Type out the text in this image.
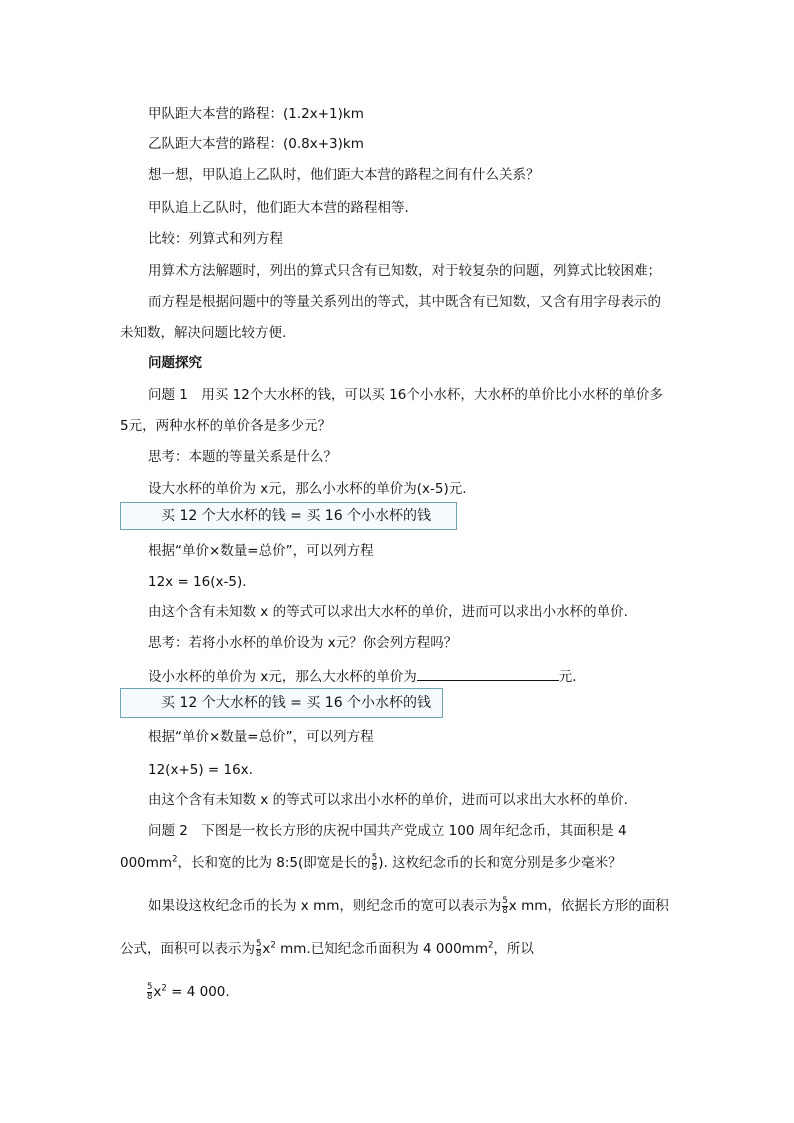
甲队距大本营的路程：(1.2x+1)km
乙队距大本营的路程：(0.8x+3)km
想一想，甲队追上乙队时，他们距大本营的路程之间有什么关系？
甲队追上乙队时，他们距大本营的路程相等.
比较：列算式和列方程
用算术方法解题时，列出的算式只含有已知数，对于较复杂的问题，列算式比较困难；
而方程是根据问题中的等量关系列出的等式，其中既含有已知数，又含有用字母表示的
未知数，解决问题比较方便.
问题探究
问题 1　用买 12个大水杯的钱，可以买 16个小水杯，大水杯的单价比小水杯的单价多
5元，两种水杯的单价各是多少元？
思考：本题的等量关系是什么？
设大水杯的单价为 x元，那么小水杯的单价为(x-5)元.
买 12 个大水杯的钱 = 买 16 个小水杯的钱
根据“单价×数量=总价”，可以列方程
12x = 16(x-5).
由这个含有未知数 x 的等式可以求出大水杯的单价，进而可以求出小水杯的单价.
思考：若将小水杯的单价设为 x元？你会列方程吗？
设小水杯的单价为 x元，那么大水杯的单价为	元.
买 12 个大水杯的钱 = 买 16 个小水杯的钱
根据“单价×数量=总价”，可以列方程
12(x+5) = 16x.
由这个含有未知数 x 的等式可以求出小水杯的单价，进而可以求出大水杯的单价.
问题 2　下图是一枚长方形的庆祝中国共产党成立 100 周年纪念币，其面积是 4
$000mm^2$，长和宽的比为 8:5(即宽是长的 $\frac{5}{8}$ ). 这枚纪念币的长和宽分别是多少毫米？
如果设这枚纪念币的长为 x mm，则纪念币的宽可以表示为 $\frac{5}{8}$ x mm，依据长方形的面积
公式，面积可以表示为 $\frac{5}{8} x^2$ mm.已知纪念币面积为 4 $000mm^2$，所以
$\frac{5}{8} x^2 = 4$ 000.
